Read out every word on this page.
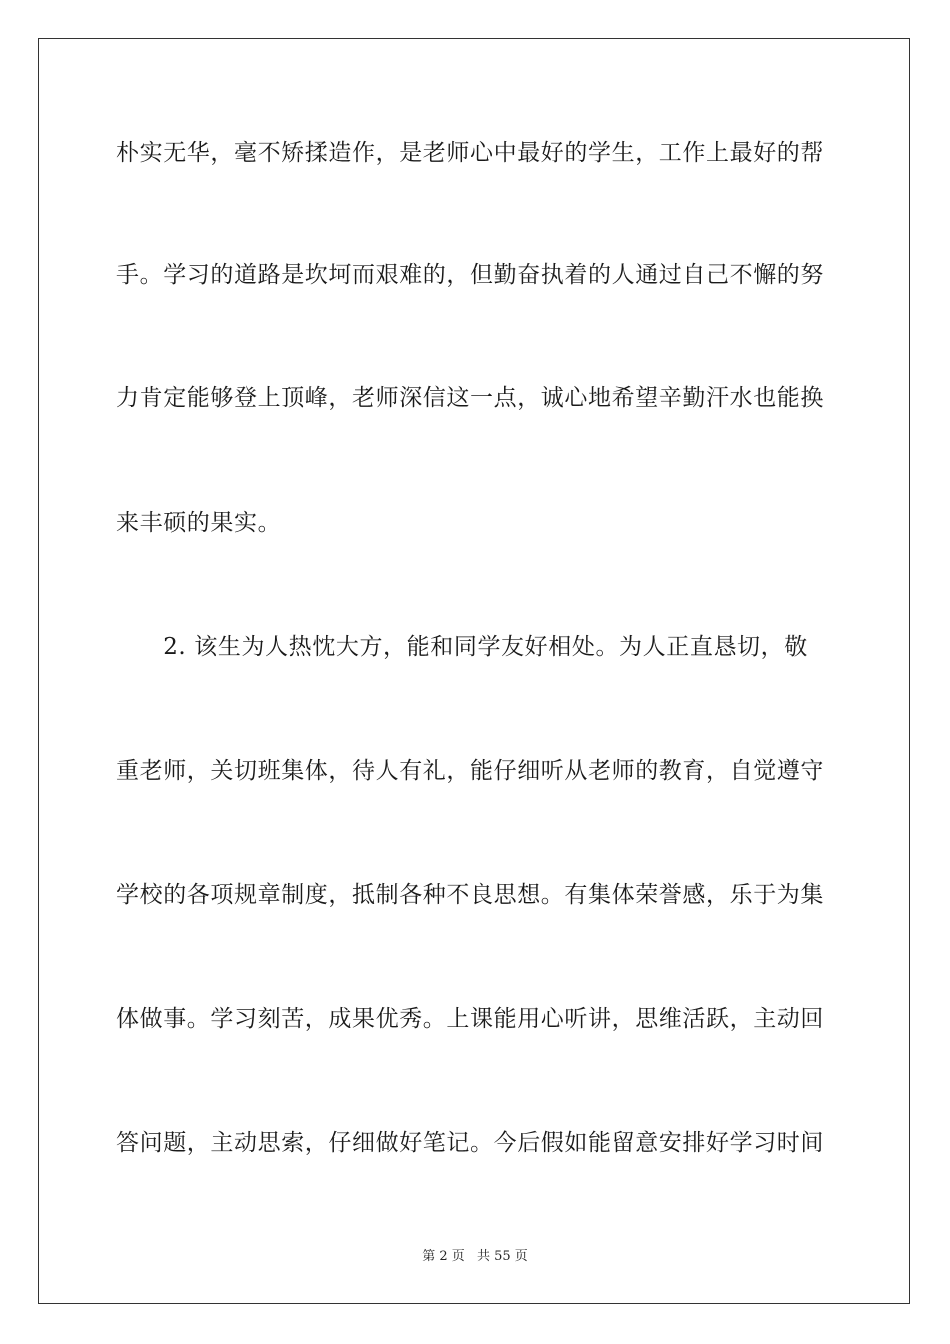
朴实无华，毫不矫揉造作，是老师心中最好的学生，工作上最好的帮
手。学习的道路是坎坷而艰难的，但勤奋执着的人通过自己不懈的努
力肯定能够登上顶峰，老师深信这一点，诚心地希望辛勤汗水也能换
来丰硕的果实。
　　2. 该生为人热忱大方，能和同学友好相处。为人正直恳切，敬
重老师，关切班集体，待人有礼，能仔细听从老师的教育，自觉遵守
学校的各项规章制度，抵制各种不良思想。有集体荣誉感，乐于为集
体做事。学习刻苦，成果优秀。上课能用心听讲，思维活跃，主动回
答问题，主动思索，仔细做好笔记。今后假如能留意安排好学习时间
第 2 页 共 55 页
